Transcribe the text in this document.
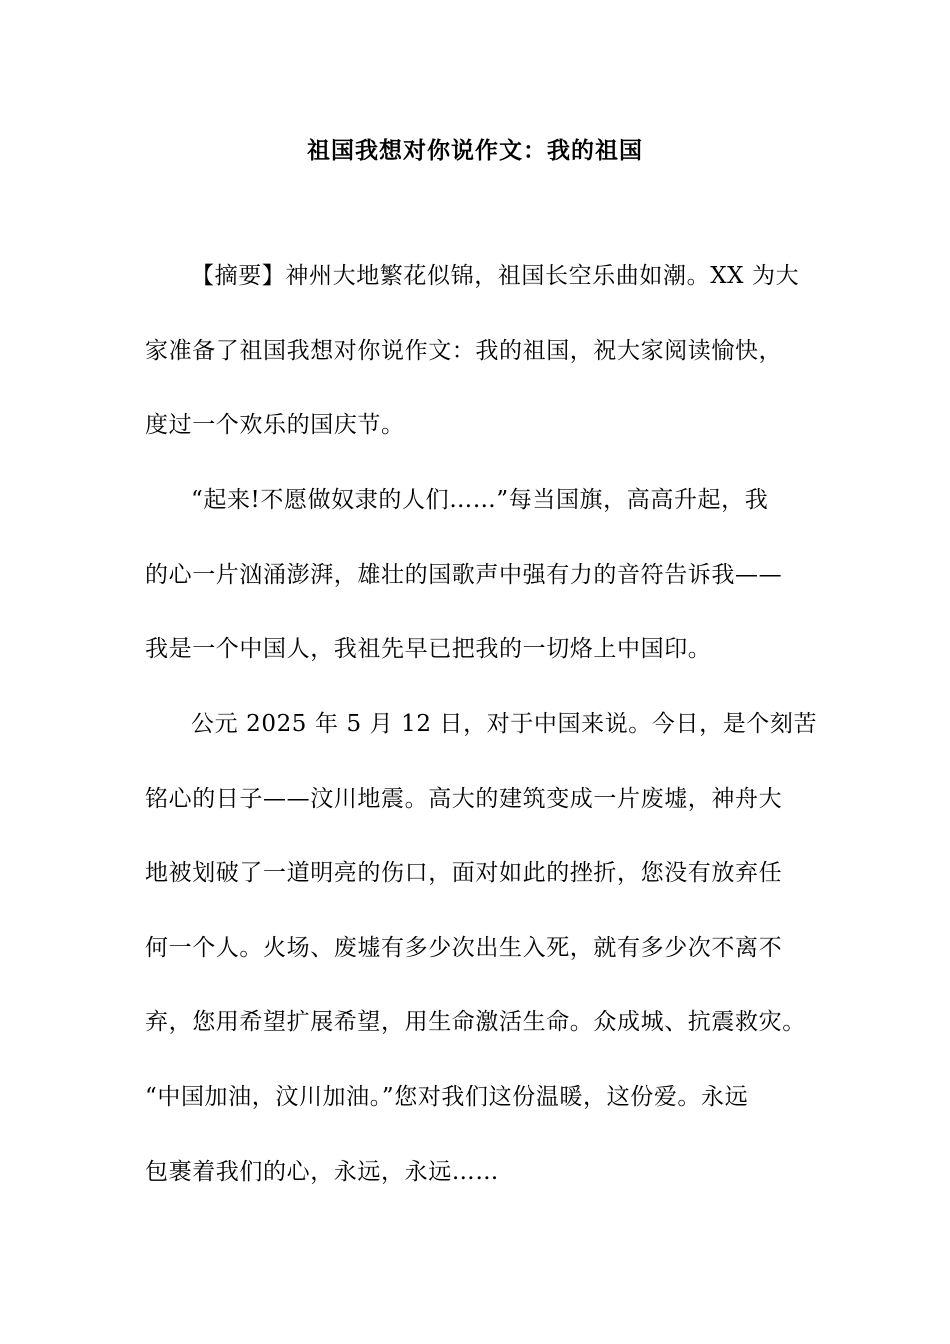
祖国我想对你说作文：我的祖国
【摘要】神州大地繁花似锦，祖国长空乐曲如潮。XX 为大
家准备了祖国我想对你说作文：我的祖国，祝大家阅读愉快，
度过一个欢乐的国庆节。
“起来!不愿做奴隶的人们……”每当国旗，高高升起，我
的心一片汹涌澎湃，雄壮的国歌声中强有力的音符告诉我——
我是一个中国人，我祖先早已把我的一切烙上中国印。
公元 2025 年 5 月 12 日，对于中国来说。今日，是个刻苦
铭心的日子——汶川地震。高大的建筑变成一片废墟，神舟大
地被划破了一道明亮的伤口，面对如此的挫折，您没有放弃任
何一个人。火场、废墟有多少次出生入死，就有多少次不离不
弃，您用希望扩展希望，用生命激活生命。众成城、抗震救灾。
“中国加油，汶川加油。”您对我们这份温暖，这份爱。永远
包裹着我们的心，永远，永远……
